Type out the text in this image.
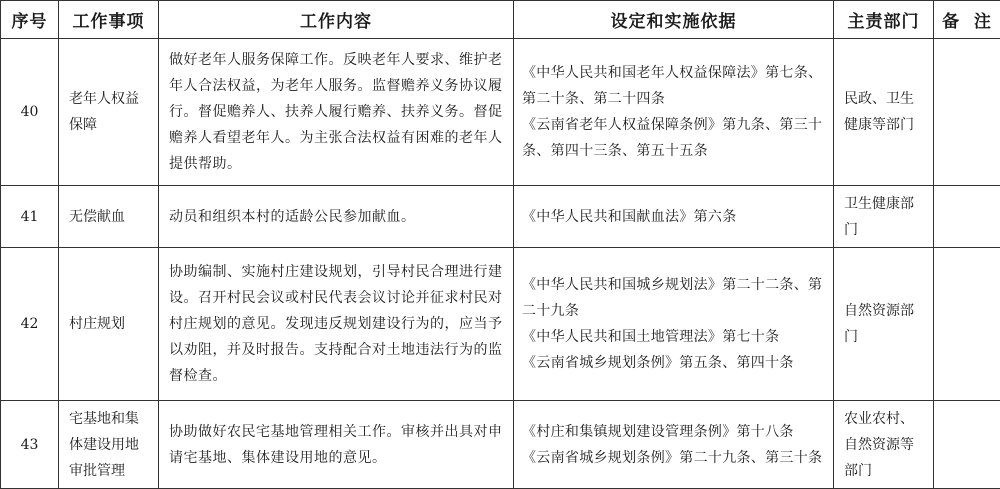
序号	工作事项	工作内容	设定和实施依据	主责部门	备  注
40	老年人权益保障	做好老年人服务保障工作。反映老年人要求、维护老年人合法权益，为老年人服务。监督赡养义务协议履行。督促赡养人、扶养人履行赡养、扶养义务。督促赡养人看望老年人。为主张合法权益有困难的老年人提供帮助。	《中华人民共和国老年人权益保障法》第七条、第二十条、第二十四条
《云南省老年人权益保障条例》第九条、第三十条、第四十三条、第五十五条	民政、卫生健康等部门	
41	无偿献血	动员和组织本村的适龄公民参加献血。	《中华人民共和国献血法》第六条	卫生健康部门	
42	村庄规划	协助编制、实施村庄建设规划，引导村民合理进行建设。召开村民会议或村民代表会议讨论并征求村民对村庄规划的意见。发现违反规划建设行为的，应当予以劝阻，并及时报告。支持配合对土地违法行为的监督检查。	《中华人民共和国城乡规划法》第二十二条、第二十九条
《中华人民共和国土地管理法》第七十条
《云南省城乡规划条例》第五条、第四十条	自然资源部门	
43	宅基地和集体建设用地审批管理	协助做好农民宅基地管理相关工作。审核并出具对申请宅基地、集体建设用地的意见。	《村庄和集镇规划建设管理条例》第十八条
《云南省城乡规划条例》第二十九条、第三十条	农业农村、自然资源等部门	
